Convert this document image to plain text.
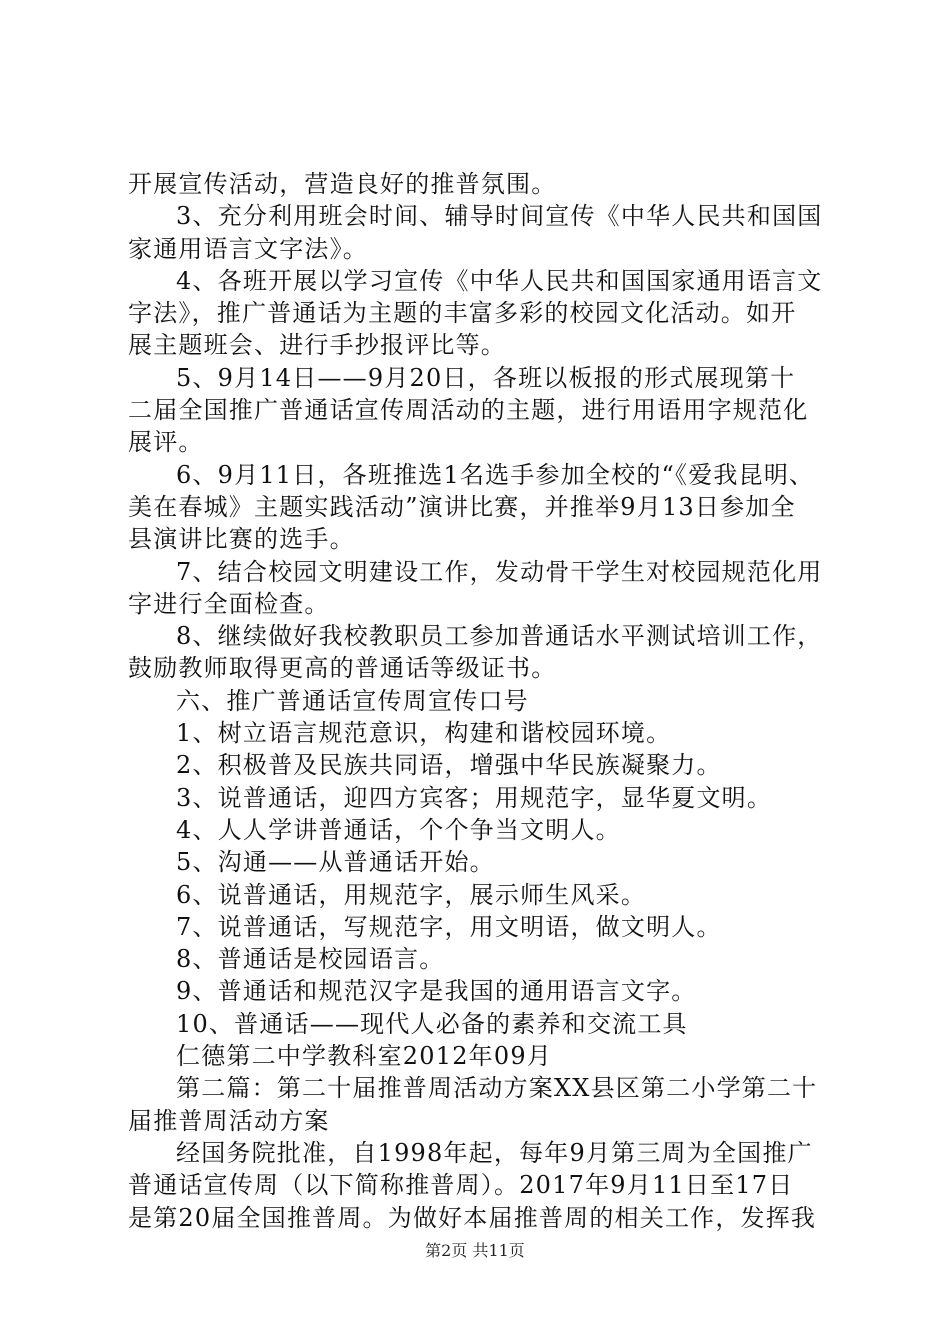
开展宣传活动，营造良好的推普氛围。

3、充分利用班会时间、辅导时间宣传《中华人民共和国国

家通用语言文字法》。

4、各班开展以学习宣传《中华人民共和国国家通用语言文

字法》，推广普通话为主题的丰富多彩的校园文化活动。如开

展主题班会、进行手抄报评比等。

5、9月14日——9月20日，各班以板报的形式展现第十

二届全国推广普通话宣传周活动的主题，进行用语用字规范化

展评。

6、9月11日，各班推选1名选手参加全校的“《爱我昆明、

美在春城》主题实践活动”演讲比赛，并推举9月13日参加全

县演讲比赛的选手。

7、结合校园文明建设工作，发动骨干学生对校园规范化用

字进行全面检查。

8、继续做好我校教职员工参加普通话水平测试培训工作，

鼓励教师取得更高的普通话等级证书。

六、推广普通话宣传周宣传口号

1、树立语言规范意识，构建和谐校园环境。

2、积极普及民族共同语，增强中华民族凝聚力。

3、说普通话，迎四方宾客；用规范字，显华夏文明。

4、人人学讲普通话，个个争当文明人。

5、沟通——从普通话开始。

6、说普通话，用规范字，展示师生风采。

7、说普通话，写规范字，用文明语，做文明人。

8、普通话是校园语言。

9、普通话和规范汉字是我国的通用语言文字。

10、普通话——现代人必备的素养和交流工具

仁德第二中学教科室2012年09月

第二篇：第二十届推普周活动方案XX县区第二小学第二十

届推普周活动方案

经国务院批准，自1998年起，每年9月第三周为全国推广

普通话宣传周（以下简称推普周）。2017年9月11日至17日

是第20届全国推普周。为做好本届推普周的相关工作，发挥我

第2页 共11页
